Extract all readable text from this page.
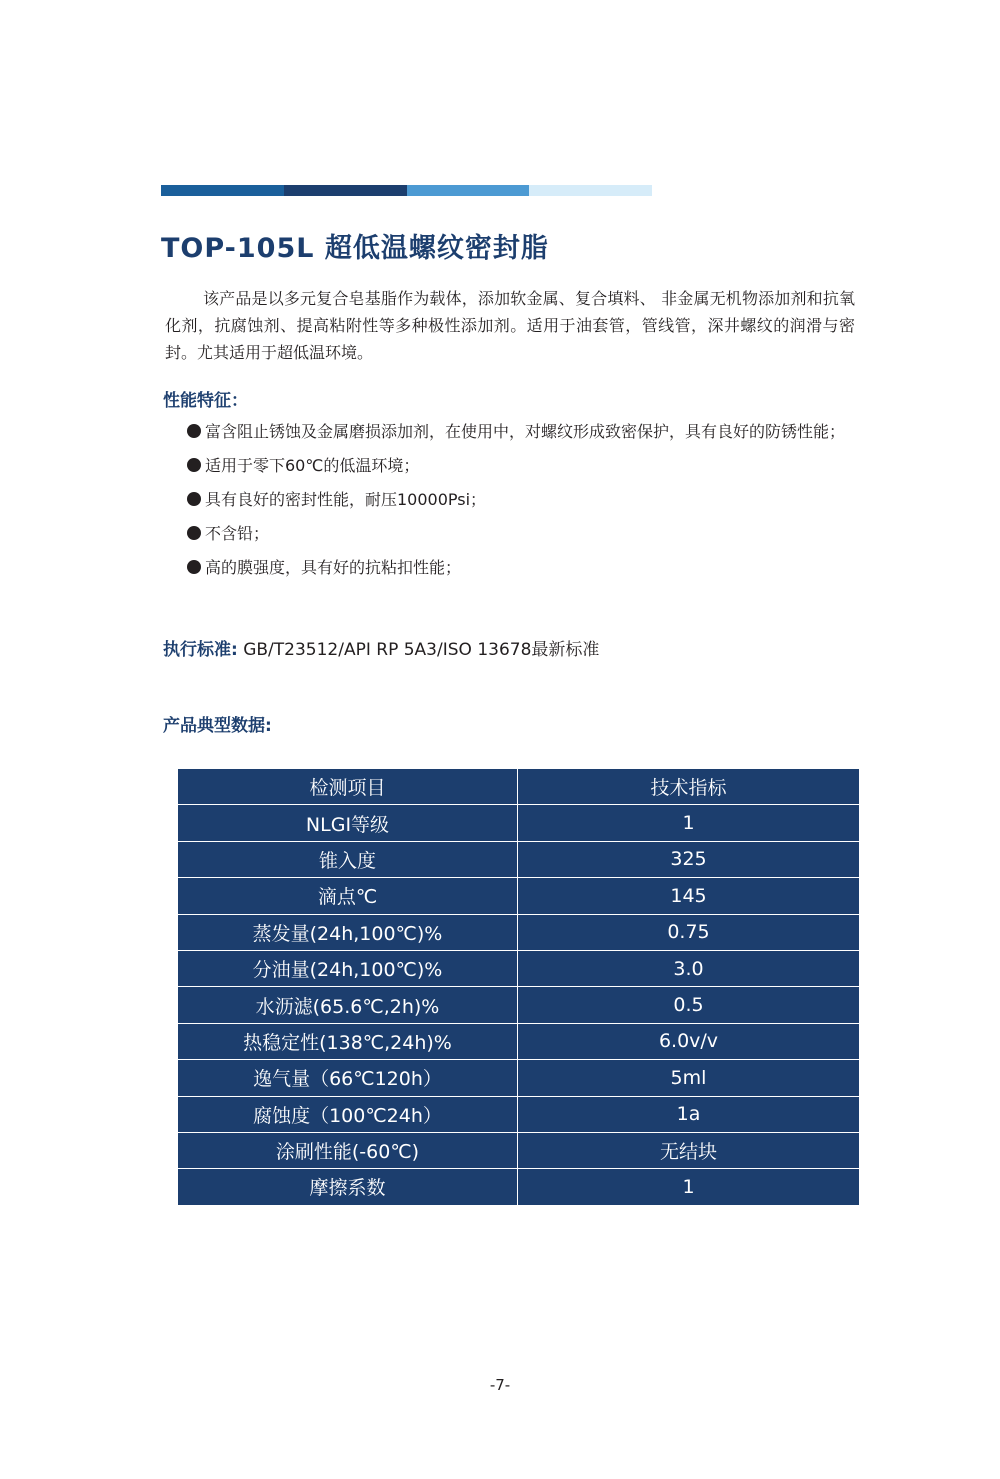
TOP-105L 超低温螺纹密封脂

该产品是以多元复合皂基脂作为载体，添加软金属、复合填料、 非金属无机物添加剂和抗氧化剂，抗腐蚀剂、提高粘附性等多种极性添加剂。适用于油套管，管线管，深井螺纹的润滑与密封。尤其适用于超低温环境。

性能特征：
富含阻止锈蚀及金属磨损添加剂，在使用中，对螺纹形成致密保护，具有良好的防锈性能；
适用于零下60℃的低温环境；
具有良好的密封性能，耐压10000Psi；
不含铅；
高的膜强度，具有好的抗粘扣性能；
执行标准: GB/T23512/API RP 5A3/ISO 13678最新标准
产品典型数据:
检测项目	技术指标
NLGI等级	1
锥入度	325
滴点℃	145
蒸发量(24h,100℃)%	0.75
分油量(24h,100℃)%	3.0
水沥滤(65.6℃,2h)%	0.5
热稳定性(138℃,24h)%	6.0v/v
逸气量（66℃120h）	5ml
腐蚀度（100℃24h）	1a
涂刷性能(-60℃)	无结块
摩擦系数	1
-7-
